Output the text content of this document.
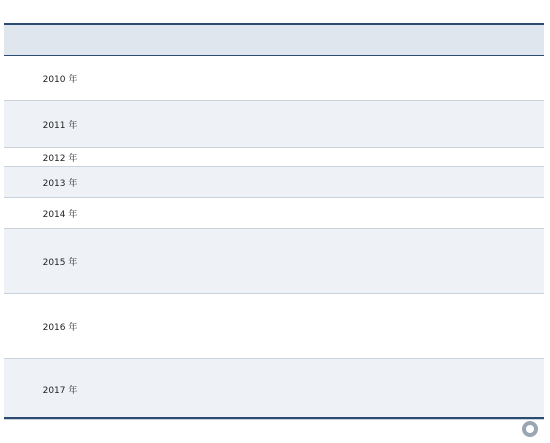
2010 年
2011 年
2012 年
2013 年
2014 年
2015 年
2016 年
2017 年
